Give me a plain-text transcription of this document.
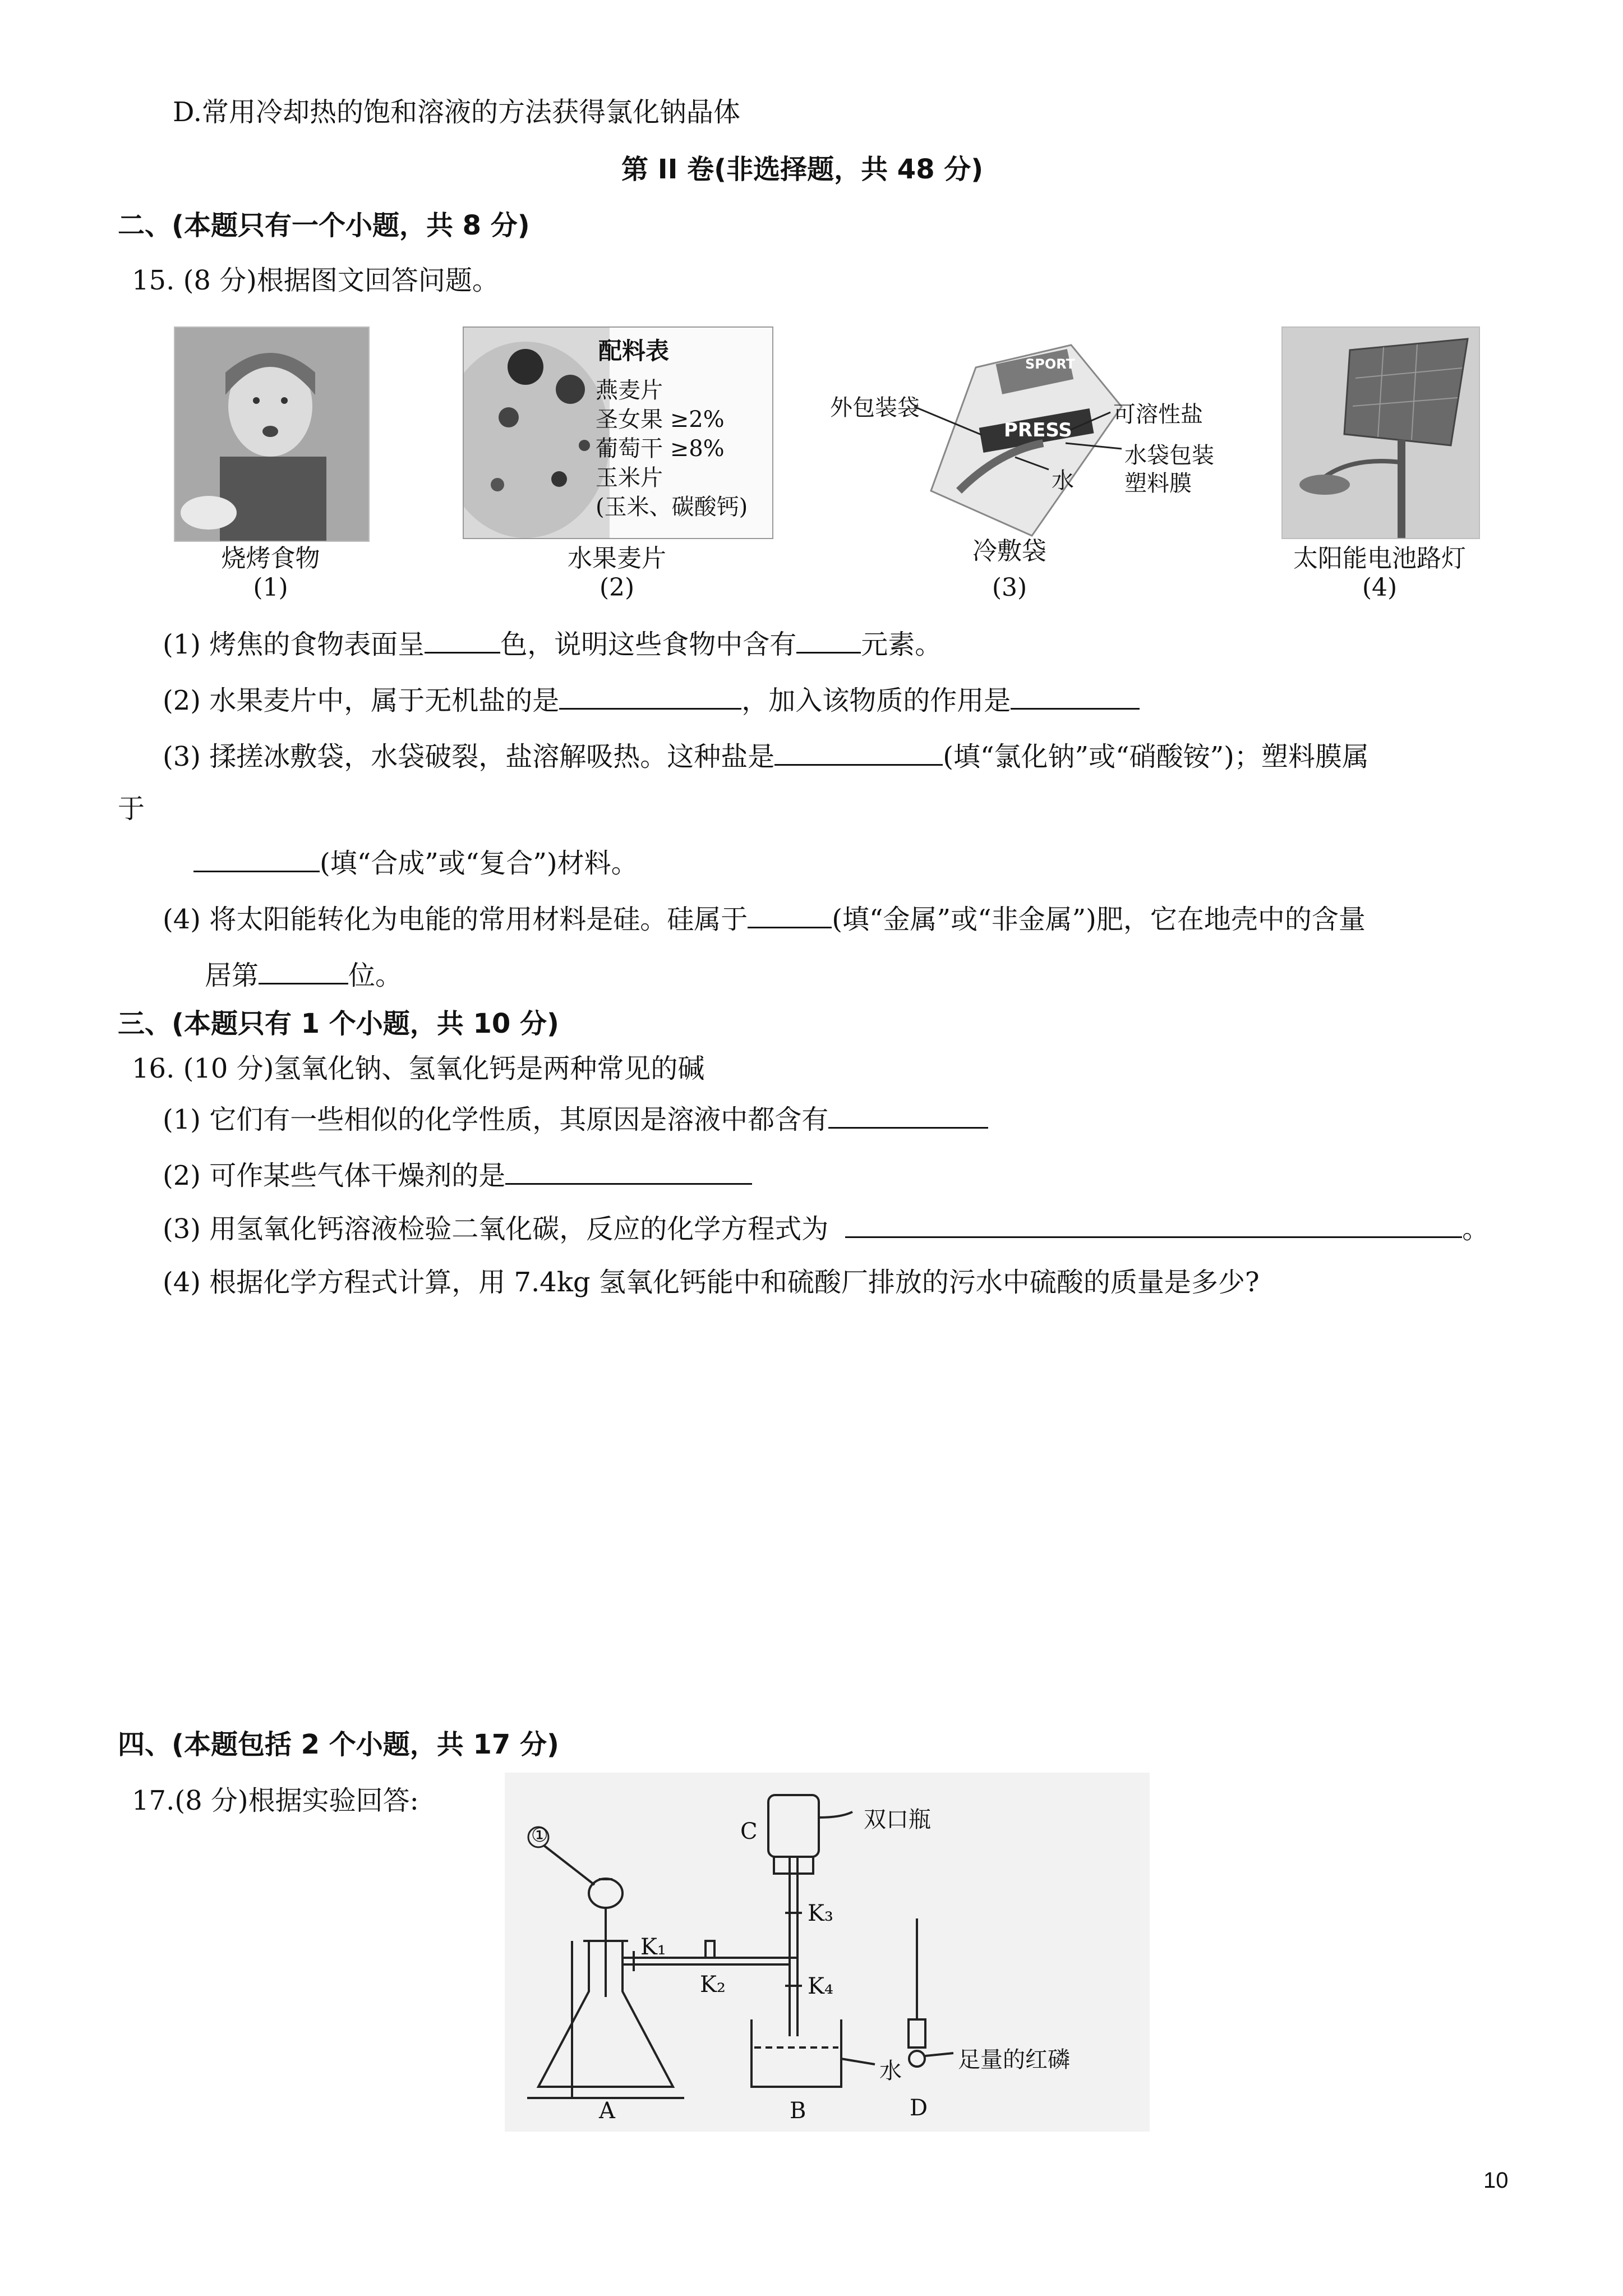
D.常用冷却热的饱和溶液的方法获得氯化钠晶体
第 II 卷(非选择题，共 48 分)
二、(本题只有一个小题，共 8 分)
15. (8 分)根据图文回答问题。
烧烤食物
(1)
配料表
燕麦片
圣女果 ≥2%
葡萄干 ≥8%
玉米片
(玉米、碳酸钙)
水果麦片
(2)
SPORT
PRESS
外包装袋	可溶性盐
水袋包装
塑料膜
水
冷敷袋
(3)
太阳能电池路灯
(4)
(1) 烤焦的食物表面呈	色，说明这些食物中含有 元素。
(2) 水果麦片中，属于无机盐的是	，加入该物质的作用是
(3) 揉搓冰敷袋，水袋破裂，盐溶解吸热。这种盐是	(填“氯化钠”或“硝酸铵”)；塑料膜属
于
(填“合成”或“复合”)材料。
(4) 将太阳能转化为电能的常用材料是硅。硅属于	(填“金属”或“非金属”)肥，它在地壳中的含量
居第	位。
三、(本题只有 1 个小题，共 10 分)
16. (10 分)氢氧化钠、氢氧化钙是两种常见的碱
(1) 它们有一些相似的化学性质，其原因是溶液中都含有
(2) 可作某些气体干燥剂的是
(3) 用氢氧化钙溶液检验二氧化碳，反应的化学方程式为	。
(4) 根据化学方程式计算，用 7.4kg 氢氧化钙能中和硫酸厂排放的污水中硫酸的质量是多少?
四、(本题包括 2 个小题，共 17 分)
17.(8 分)根据实验回答:
①
K₁
K₂
K₃
K₄
C	双口瓶
水	足量的红磷
A	B	D
10
